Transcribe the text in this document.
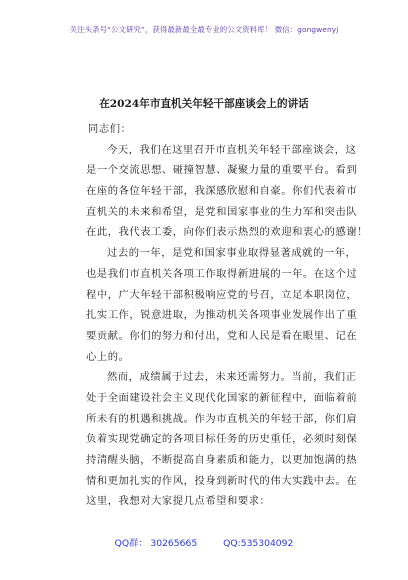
关注头条号“公文研究”，获得最新最全最专业的公文资料库！ 微信：gongwenyj
在2024年市直机关年轻干部座谈会上的讲话
同志们：
今天，我们在这里召开市直机关年轻干部座谈会，这
是一个交流思想、碰撞智慧、凝聚力量的重要平台。看到
在座的各位年轻干部，我深感欣慰和自豪。你们代表着市
直机关的未来和希望，是党和国家事业的生力军和突击队
在此，我代表工委，向你们表示热烈的欢迎和衷心的感谢！
过去的一年，是党和国家事业取得显著成就的一年，
也是我们市直机关各项工作取得新进展的一年。在这个过
程中，广大年轻干部积极响应党的号召，立足本职岗位，
扎实工作，锐意进取，为推动机关各项事业发展作出了重
要贡献。你们的努力和付出，党和人民是看在眼里、记在
心上的。
然而，成绩属于过去，未来还需努力。当前，我们正
处于全面建设社会主义现代化国家的新征程中，面临着前
所未有的机遇和挑战。作为市直机关的年轻干部，你们肩
负着实现党确定的各项目标任务的历史重任，必须时刻保
持清醒头脑，不断提高自身素质和能力，以更加饱满的热
情和更加扎实的作风，投身到新时代的伟大实践中去。在
这里，我想对大家提几点希望和要求：
QQ群： 30265665	QQ:535304092
